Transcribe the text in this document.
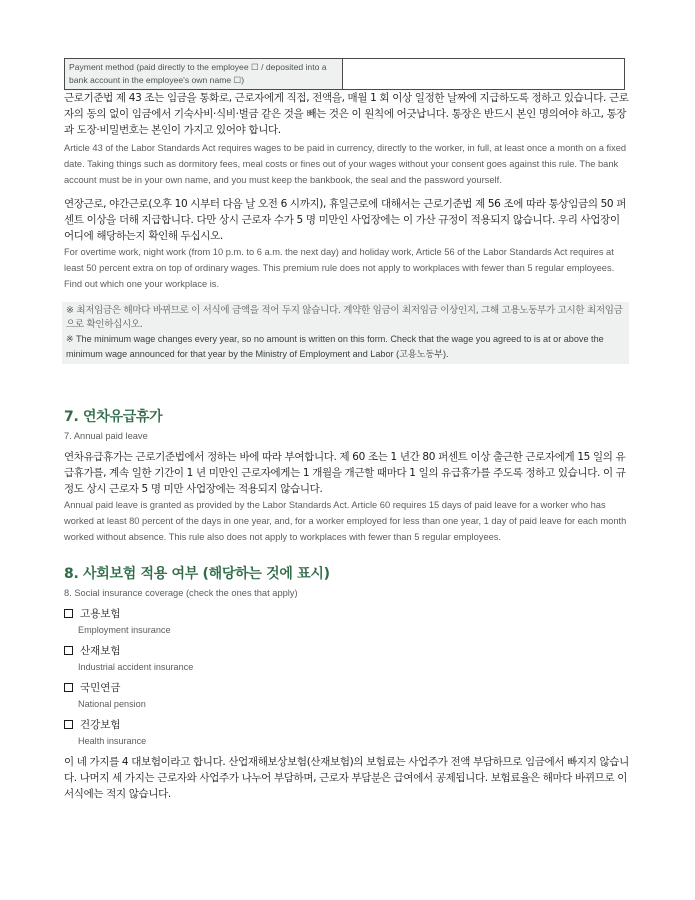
Payment method (paid directly to the employee ☐ / deposited into a bank account in the employee's own name ☐)

근로기준법 제 43 조는 임금을 통화로, 근로자에게 직접, 전액을, 매월 1 회 이상 일정한 날짜에 지급하도록 정하고 있습니다. 근로자의 동의 없이 임금에서 기숙사비·식비·벌금 같은 것을 빼는 것은 이 원칙에 어긋납니다. 통장은 반드시 본인 명의여야 하고, 통장과 도장·비밀번호는 본인이 가지고 있어야 합니다.

Article 43 of the Labor Standards Act requires wages to be paid in currency, directly to the worker, in full, at least once a month on a fixed date. Taking things such as dormitory fees, meal costs or fines out of your wages without your consent goes against this rule. The bank account must be in your own name, and you must keep the bankbook, the seal and the password yourself.

연장근로, 야간근로(오후 10 시부터 다음 날 오전 6 시까지), 휴일근로에 대해서는 근로기준법 제 56 조에 따라 통상임금의 50 퍼센트 이상을 더해 지급합니다. 다만 상시 근로자 수가 5 명 미만인 사업장에는 이 가산 규정이 적용되지 않습니다. 우리 사업장이 어디에 해당하는지 확인해 두십시오.

For overtime work, night work (from 10 p.m. to 6 a.m. the next day) and holiday work, Article 56 of the Labor Standards Act requires at least 50 percent extra on top of ordinary wages. This premium rule does not apply to workplaces with fewer than 5 regular employees. Find out which one your workplace is.

※ 최저임금은 해마다 바뀌므로 이 서식에 금액을 적어 두지 않습니다. 계약한 임금이 최저임금 이상인지, 그해 고용노동부가 고시한 최저임금으로 확인하십시오.

※ The minimum wage changes every year, so no amount is written on this form. Check that the wage you agreed to is at or above the minimum wage announced for that year by the Ministry of Employment and Labor (고용노동부).

7. 연차유급휴가

7. Annual paid leave

연차유급휴가는 근로기준법에서 정하는 바에 따라 부여합니다. 제 60 조는 1 년간 80 퍼센트 이상 출근한 근로자에게 15 일의 유급휴가를, 계속 일한 기간이 1 년 미만인 근로자에게는 1 개월을 개근할 때마다 1 일의 유급휴가를 주도록 정하고 있습니다. 이 규정도 상시 근로자 5 명 미만 사업장에는 적용되지 않습니다.

Annual paid leave is granted as provided by the Labor Standards Act. Article 60 requires 15 days of paid leave for a worker who has worked at least 80 percent of the days in one year, and, for a worker employed for less than one year, 1 day of paid leave for each month worked without absence. This rule also does not apply to workplaces with fewer than 5 regular employees.

8. 사회보험 적용 여부 (해당하는 것에 표시)

8. Social insurance coverage (check the ones that apply)

고용보험
Employment insurance
산재보험
Industrial accident insurance
국민연금
National pension
건강보험
Health insurance

이 네 가지를 4 대보험이라고 합니다. 산업재해보상보험(산재보험)의 보험료는 사업주가 전액 부담하므로 임금에서 빠지지 않습니다. 나머지 세 가지는 근로자와 사업주가 나누어 부담하며, 근로자 부담분은 급여에서 공제됩니다. 보험료율은 해마다 바뀌므로 이 서식에는 적지 않습니다.
